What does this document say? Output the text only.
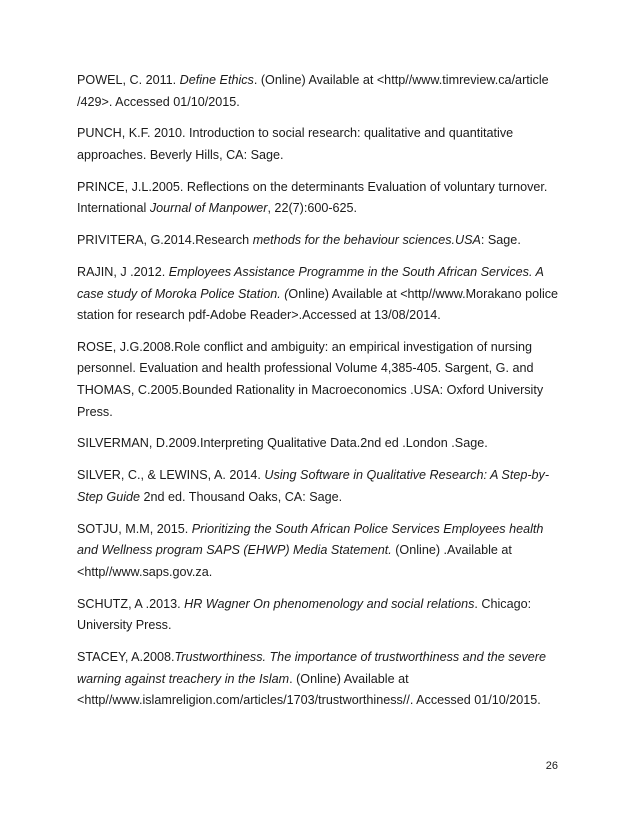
POWEL, C. 2011. Define Ethics. (Online) Available at <http//www.timreview.ca/article /429>. Accessed 01/10/2015.

PUNCH, K.F. 2010. Introduction to social research: qualitative and quantitative approaches. Beverly Hills, CA: Sage.

PRINCE, J.L.2005. Reflections on the determinants Evaluation of voluntary turnover. International Journal of Manpower, 22(7):600-625.

PRIVITERA, G.2014.Research methods for the behaviour sciences.USA: Sage.

RAJIN, J .2012. Employees Assistance Programme in the South African Services. A case study of Moroka Police Station. (Online) Available at <http//www.Morakano police station for research pdf-Adobe Reader>.Accessed at 13/08/2014.

ROSE, J.G.2008.Role conflict and ambiguity: an empirical investigation of nursing personnel. Evaluation and health professional Volume 4,385-405. Sargent, G. and THOMAS, C.2005.Bounded Rationality in Macroeconomics .USA: Oxford University Press.

SILVERMAN, D.2009.Interpreting Qualitative Data.2nd ed .London .Sage.

SILVER, C., & LEWINS, A. 2014. Using Software in Qualitative Research: A Step-by-Step Guide 2nd ed. Thousand Oaks, CA: Sage.

SOTJU, M.M, 2015. Prioritizing the South African Police Services Employees health and Wellness program SAPS (EHWP) Media Statement. (Online) .Available at <http//www.saps.gov.za.

SCHUTZ, A .2013. HR Wagner On phenomenology and social relations. Chicago: University Press.

STACEY, A.2008.Trustworthiness. The importance of trustworthiness and the severe warning against treachery in the Islam. (Online) Available at <http//www.islamreligion.com/articles/1703/trustworthiness//. Accessed 01/10/2015.

26
